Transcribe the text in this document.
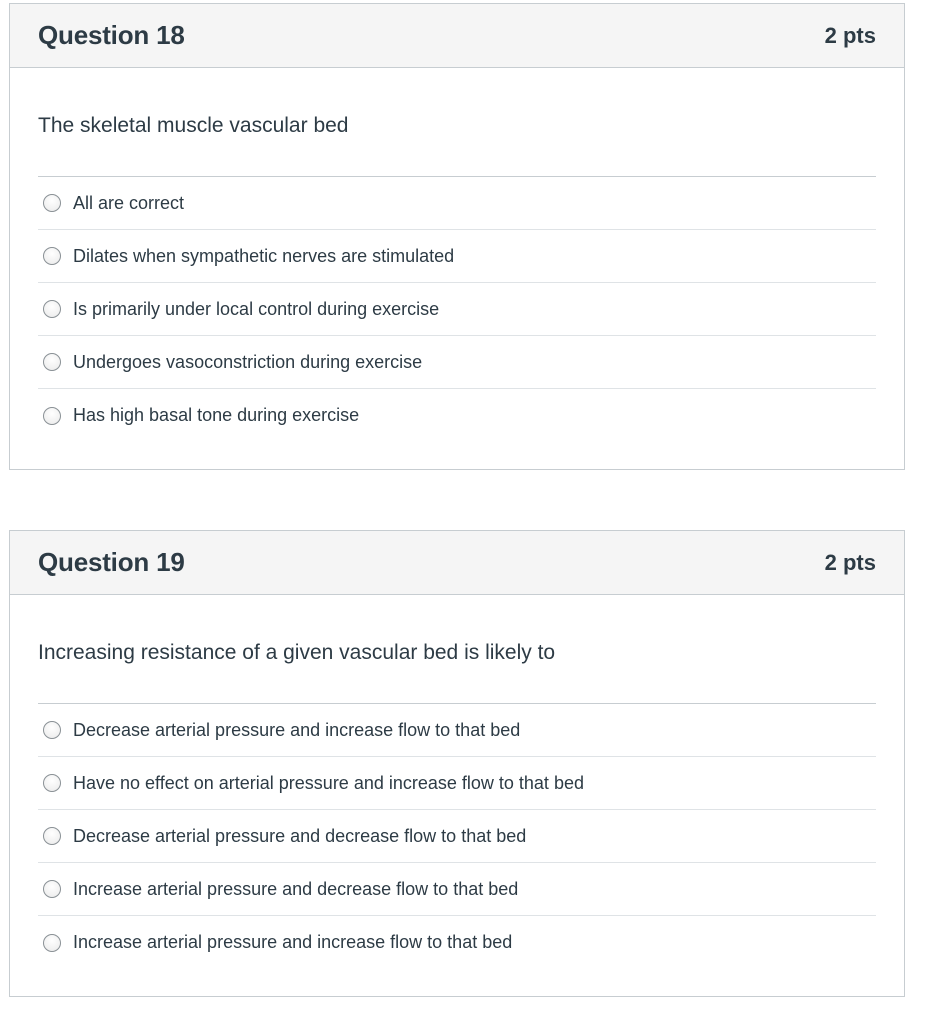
Question 18	2 pts
The skeletal muscle vascular bed
All are correct
Dilates when sympathetic nerves are stimulated
Is primarily under local control during exercise
Undergoes vasoconstriction during exercise
Has high basal tone during exercise
Question 19	2 pts
Increasing resistance of a given vascular bed is likely to
Decrease arterial pressure and increase flow to that bed
Have no effect on arterial pressure and increase flow to that bed
Decrease arterial pressure and decrease flow to that bed
Increase arterial pressure and decrease flow to that bed
Increase arterial pressure and increase flow to that bed
